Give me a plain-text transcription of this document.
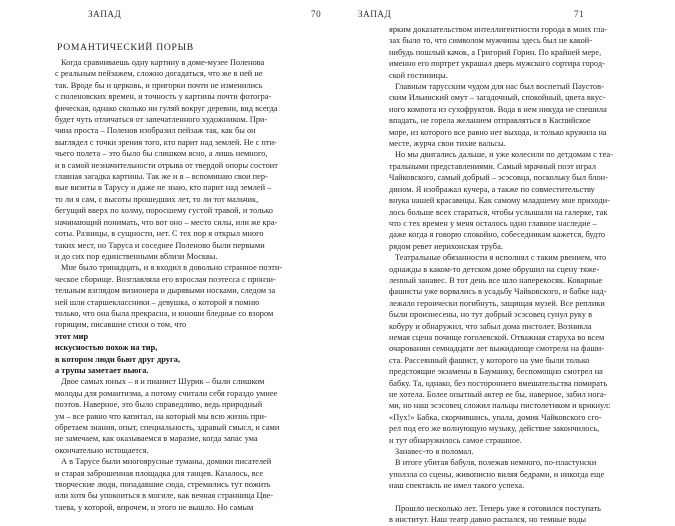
ЗАПАД	70	ЗАПАД	71
РОМАНТИЧЕСКИЙ ПОРЫВ
Когда сравниваешь одну картину в доме-музее Поленова
с реальным пейзажем, сложно догадаться, что же в ней не
так. Вроде бы и церковь, и пригорки почти не изменились
с поленовских времен, и точность у картины почти фотогра-
фическая, однако сколько ни гуляй вокруг деревни, вид всегда
будет чуть отличаться от запечатленного художником. При-
чина проста – Поленов изобразил пейзаж так, как бы он
выглядел с точки зрения того, кто парит над землей. Не с пти-
чьего полета – это было бы слишком ясно, а лишь немного,
и в самой незначительности отрыва от твердой опоры состоит
главная загадка картины. Так же и я – вспоминаю свои пер-
вые визиты в Тарусу и даже не знаю, кто парит над землей –
то ли я сам, с высоты прошедших лет, то ли тот мальчик,
бегущий вверх по холму, поросшему густой травой, и только
начинающий понимать, что вот оно – место силы, или же кра-
соты. Разницы, в сущности, нет. С тех пор я открыл много
таких мест, но Таруса и соседнее Поленово были первыми
и до сих пор единственными вблизи Москвы.
Мне было тринадцать, и я входил в довольно странное поэти-
ческое сборище. Возглавляла его взрослая поэтесса с пронзи-
тельным взглядом визионера и дырявыми носками, следом за
ней шли старшеклассники – девушка, о которой я помню
только, что она была прекрасна, и юноши бледные со взором
горящим, писавшие стихи о том, что
этот мир
искусностью похож на тир,
в котором люди бьют друг друга,
а трупы заметает вьюга.
Двое самых юных – я и пианист Шурик – были слишком
молоды для романтизма, а потому считали себя гораздо умнее
поэтов. Наверное, это было справедливо, ведь природный
ум – все равно что капитал, на который мы всю жизнь при-
обретаем знания, опыт, специальность, здравый смысл, и сами
не замечаем, как оказываемся в маразме, когда запас ума
окончательно истощается.
А в Тарусе были многоярусные туманы, домики писателей
и старая заброшенная площадка для танцев. Казалось, все
творческие люди, попадавшие сюда, стремились тут пожить
или хотя бы упокоиться в могиле, как вечная странница Цве-
таева, у которой, впрочем, и этого не вышло. Но самым
ярким доказательством интеллигентности города в моих гла-
зах было то, что символом мужчины здесь был не какой-
нибудь пошлый качок, а Григорий Горин. По крайней мере,
именно его портрет украшал дверь мужского сортира город-
ской гостиницы.
Главным тарусским чудом для нас был воспетый Паустов-
ским Ильинский омут – загадочный, спокойный, цвета вкус-
ного компота из сухофруктов. Вода в нем никуда не спешила
впадать, не горела желанием отправляться в Каспийское
море, из которого все равно нет выхода, и только кружила на
месте, журча свои тихие вальсы.
Но мы двигались дальше, и уже колесили по детдомам с теа-
тральными представлениями. Самый мрачный поэт играл
Чайковского, самый добрый – эсэсовца, поскольку был блон-
дином. Я изображал кучера, а также по совместительству
внука нашей красавицы. Как самому младшему мне приходи-
лось больше всех стараться, чтобы услышали на галерке, так
что с тех времен у меня осталось одно главное наследие –
даже когда я говорю спокойно, собеседникам кажется, будто
рядом ревет иерихонская труба.
Театральные обязанности я исполнял с таким рвением, что
однажды в каком-то детском доме обрушил на сцену тяже-
ленный занавес. В тот день все шло наперекосяк. Коварные
фашисты уже ворвались в усадьбу Чайковского, и бабке над-
лежало героически погибнуть, защищая музей. Все реплики
были произнесены, но тут добрый эсэсовец сунул руку в
кобуру и обнаружил, что забыл дома пистолет. Возникла
немая сцена почище гоголевской. Отважная старуха во всем
очаровании семнадцати лет выжидающе смотрела на фаши-
ста. Рассеянный фашист, у которого на уме были только
предстоящие экзамены в Бауманку, беспомощно смотрел на
бабку. Та, однако, без постороннего вмешательства помирать
не хотела. Более опытный актер ее бы, наверное, забил нога-
ми, но наш эсэсовец сложил пальцы пистолетиком и крикнул:
«Пух!» Бабка, скорчившись, упала, домик Чайковского сго-
рел под его же волнующую музыку, действие закончилось,
и тут обнаружилось самое страшное.
Занавес-то я поломал.
В итоге убитая бабуля, полежав немного, по-пластунски
уползла со сцены, живописно виляя бедрами, и никогда еще
наш спектакль не имел такого успеха.

Прошло несколько лет. Теперь уже я готовился поступать
в институт. Наш театр давно распался, но темные воды
